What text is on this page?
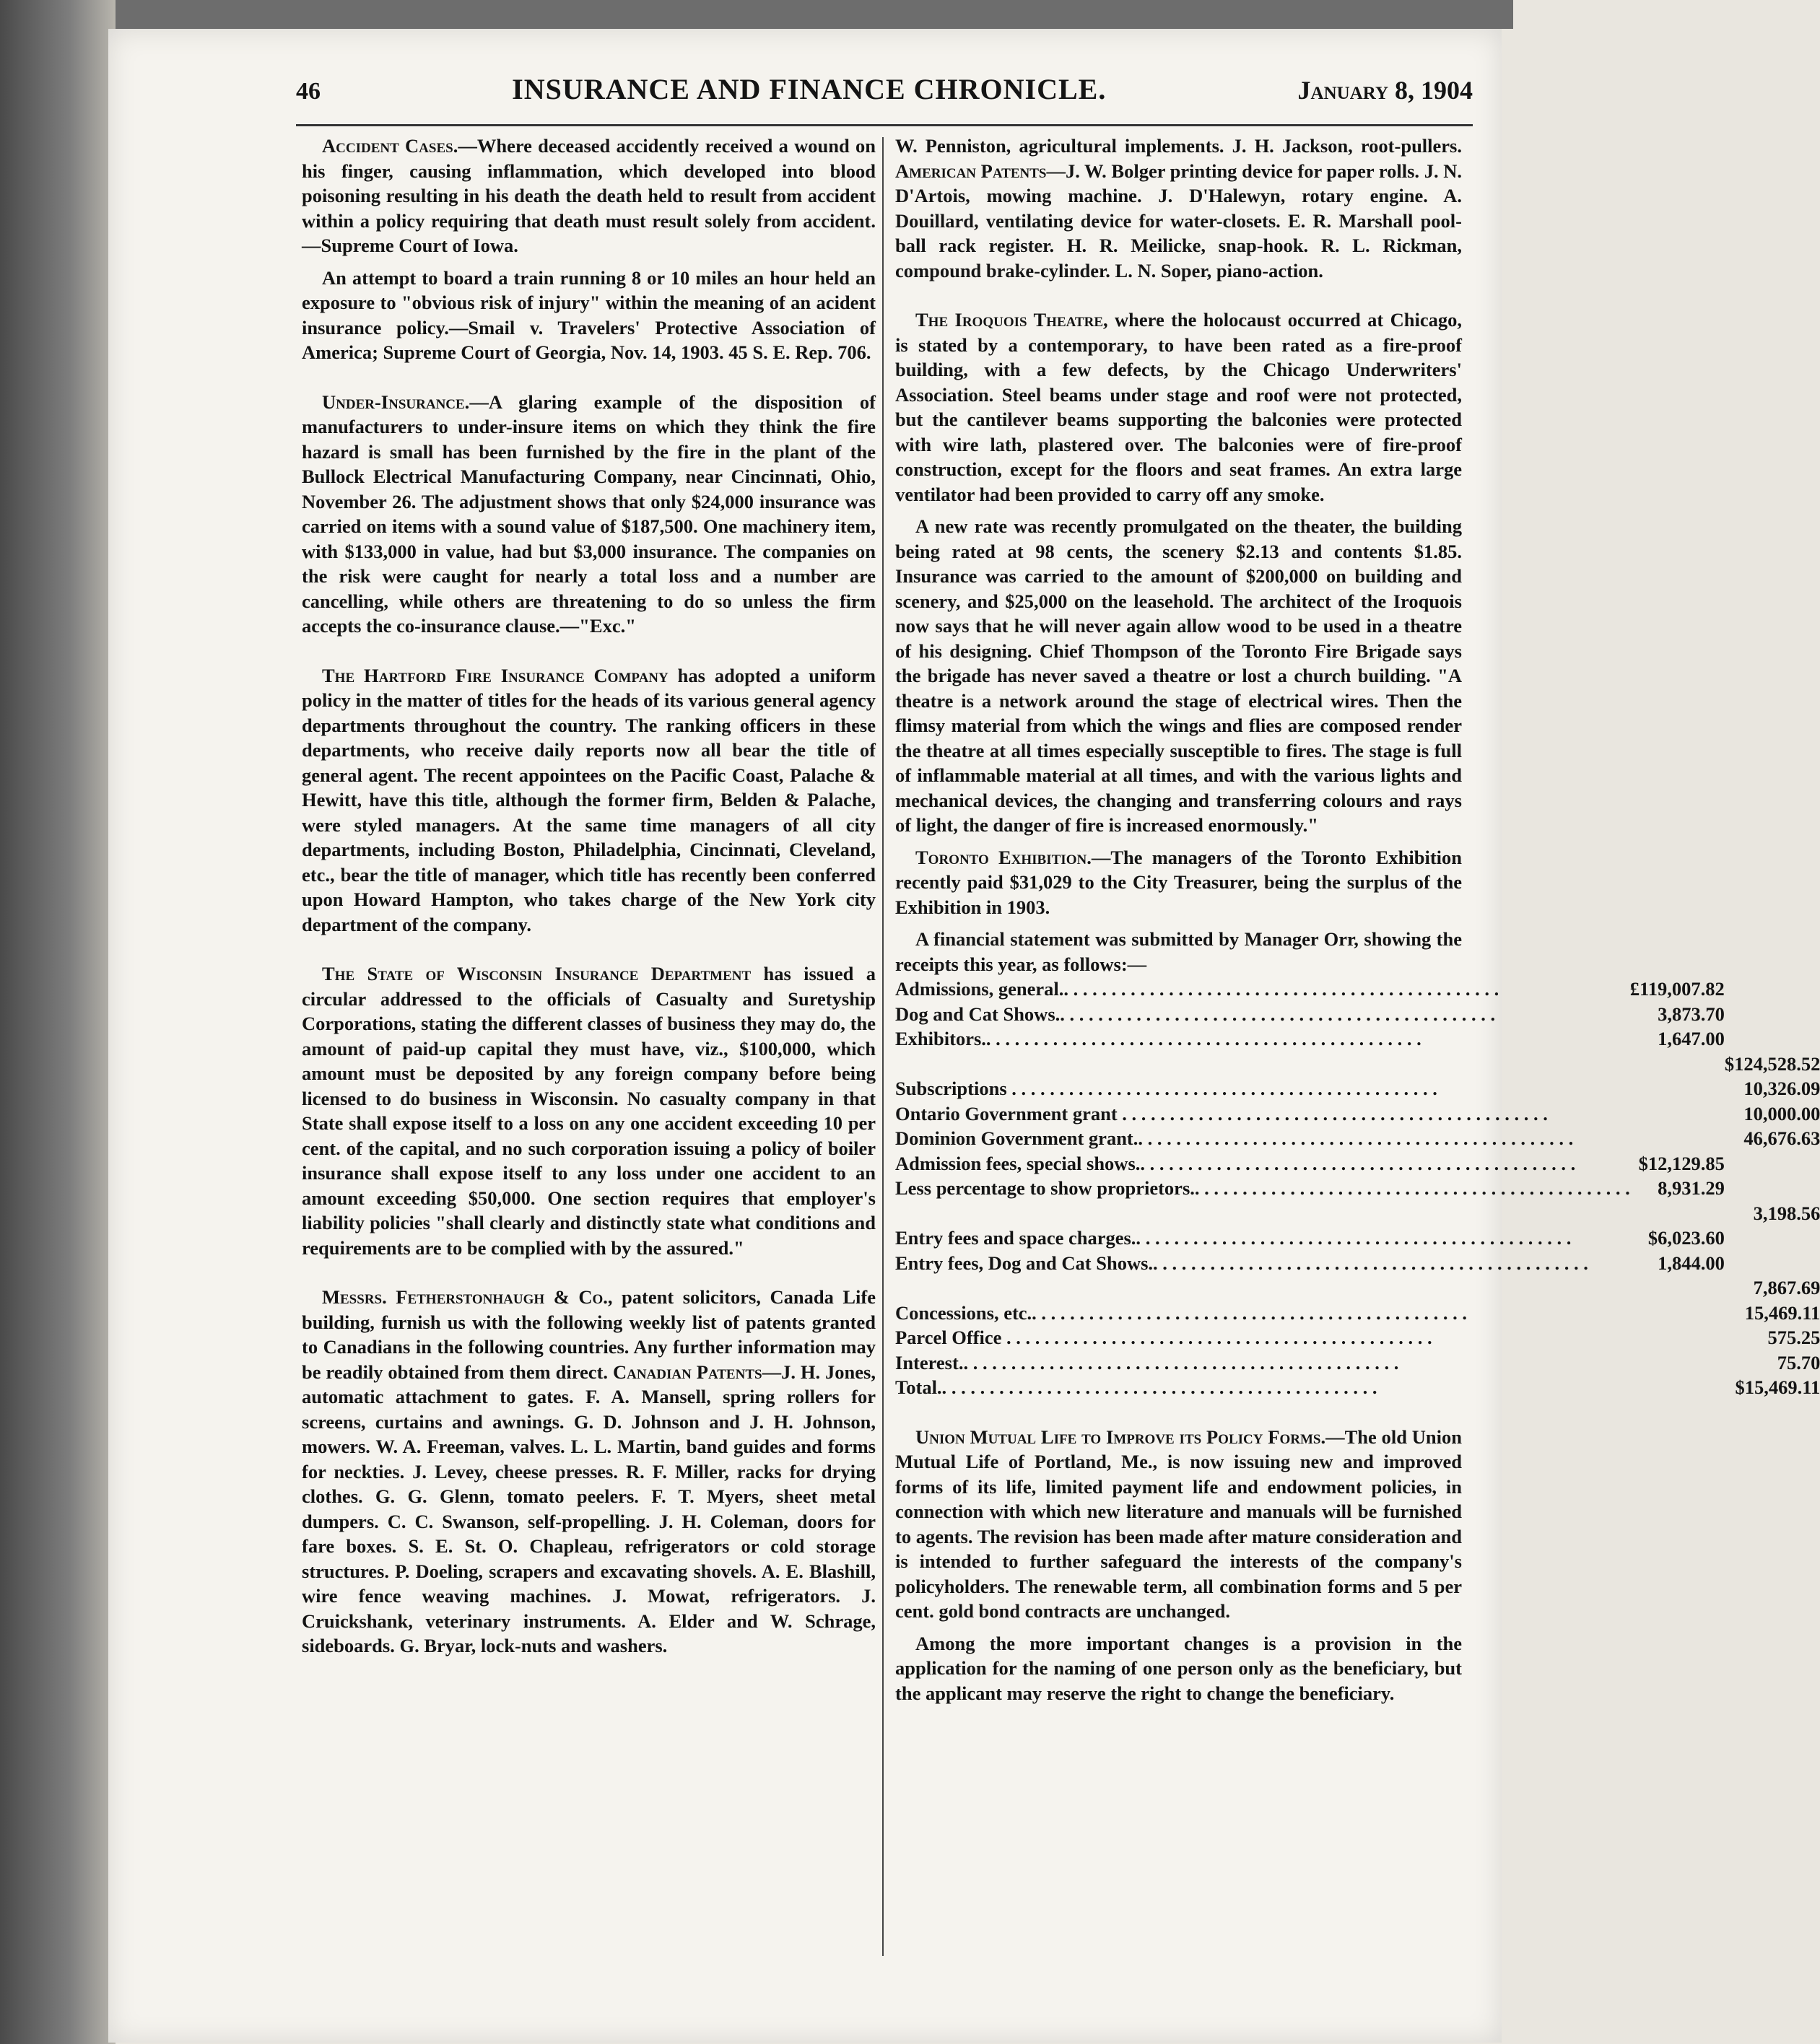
46	INSURANCE AND FINANCE CHRONICLE.	January 8, 1904

Accident Cases.—Where deceased accidently received a wound on his finger, causing inflammation, which developed into blood poisoning resulting in his death the death held to result from accident within a policy requiring that death must result solely from accident.—Supreme Court of Iowa.

An attempt to board a train running 8 or 10 miles an hour held an exposure to "obvious risk of injury" within the meaning of an acident insurance policy.—Smail v. Travelers' Protective Association of America; Supreme Court of Georgia, Nov. 14, 1903. 45 S. E. Rep. 706.

Under-Insurance.—A glaring example of the disposition of manufacturers to under-insure items on which they think the fire hazard is small has been furnished by the fire in the plant of the Bullock Electrical Manufacturing Company, near Cincinnati, Ohio, November 26. The adjustment shows that only $24,000 insurance was carried on items with a sound value of $187,500. One machinery item, with $133,000 in value, had but $3,000 insurance. The companies on the risk were caught for nearly a total loss and a number are cancelling, while others are threatening to do so unless the firm accepts the co-insurance clause.—"Exc."

The Hartford Fire Insurance Company has adopted a uniform policy in the matter of titles for the heads of its various general agency departments throughout the country. The ranking officers in these departments, who receive daily reports now all bear the title of general agent. The recent appointees on the Pacific Coast, Palache & Hewitt, have this title, although the former firm, Belden & Palache, were styled managers. At the same time managers of all city departments, including Boston, Philadelphia, Cincinnati, Cleveland, etc., bear the title of manager, which title has recently been conferred upon Howard Hampton, who takes charge of the New York city department of the company.

The State of Wisconsin Insurance Department has issued a circular addressed to the officials of Casualty and Suretyship Corporations, stating the different classes of business they may do, the amount of paid-up capital they must have, viz., $100,000, which amount must be deposited by any foreign company before being licensed to do business in Wisconsin. No casualty company in that State shall expose itself to a loss on any one accident exceeding 10 per cent. of the capital, and no such corporation issuing a policy of boiler insurance shall expose itself to any loss under one accident to an amount exceeding $50,000. One section requires that employer's liability policies "shall clearly and distinctly state what conditions and requirements are to be complied with by the assured."

Messrs. Fetherstonhaugh & Co., patent solicitors, Canada Life building, furnish us with the following weekly list of patents granted to Canadians in the following countries. Any further information may be readily obtained from them direct. Canadian Patents—J. H. Jones, automatic attachment to gates. F. A. Mansell, spring rollers for screens, curtains and awnings. G. D. Johnson and J. H. Johnson, mowers. W. A. Freeman, valves. L. L. Martin, band guides and forms for neckties. J. Levey, cheese presses. R. F. Miller, racks for drying clothes. G. G. Glenn, tomato peelers. F. T. Myers, sheet metal dumpers. C. C. Swanson, self-propelling. J. H. Coleman, doors for fare boxes. S. E. St. O. Chapleau, refrigerators or cold storage structures. P. Doeling, scrapers and excavating shovels. A. E. Blashill, wire fence weaving machines. J. Mowat, refrigerators. J. Cruickshank, veterinary instruments. A. Elder and W. Schrage, sideboards. G. Bryar, lock-nuts and washers.

W. Penniston, agricultural implements. J. H. Jackson, root-pullers. American Patents—J. W. Bolger printing device for paper rolls. J. N. D'Artois, mowing machine. J. D'Halewyn, rotary engine. A. Douillard, ventilating device for water-closets. E. R. Marshall pool-ball rack register. H. R. Meilicke, snap-hook. R. L. Rickman, compound brake-cylinder. L. N. Soper, piano-action.

The Iroquois Theatre, where the holocaust occurred at Chicago, is stated by a contemporary, to have been rated as a fire-proof building, with a few defects, by the Chicago Underwriters' Association. Steel beams under stage and roof were not protected, but the cantilever beams supporting the balconies were protected with wire lath, plastered over. The balconies were of fire-proof construction, except for the floors and seat frames. An extra large ventilator had been provided to carry off any smoke.

A new rate was recently promulgated on the theater, the building being rated at 98 cents, the scenery $2.13 and contents $1.85. Insurance was carried to the amount of $200,000 on building and scenery, and $25,000 on the leasehold. The architect of the Iroquois now says that he will never again allow wood to be used in a theatre of his designing. Chief Thompson of the Toronto Fire Brigade says the brigade has never saved a theatre or lost a church building. "A theatre is a network around the stage of electrical wires. Then the flimsy material from which the wings and flies are composed render the theatre at all times especially susceptible to fires. The stage is full of inflammable material at all times, and with the various lights and mechanical devices, the changing and transferring colours and rays of light, the danger of fire is increased enormously."

Toronto Exhibition.—The managers of the Toronto Exhibition recently paid $31,029 to the City Treasurer, being the surplus of the Exhibition in 1903.

A financial statement was submitted by Manager Orr, showing the receipts this year, as follows:—

Admissions, general.. . . .	£119,007.82	
Dog and Cat Shows.. . . .	3,873.70	
Exhibitors.. . . .	1,647.00	
		$124,528.52
Subscriptions . . .		10,326.09
Ontario Government grant . . .		10,000.00
Dominion Government grant.. . . .		46,676.63
Admission fees, special shows.. . . .	$12,129.85	
Less percentage to show proprietors.. . . .	8,931.29	
		3,198.56
Entry fees and space charges.. . . .	$6,023.60	
Entry fees, Dog and Cat Shows.. . . .	1,844.00	
		7,867.69
Concessions, etc.. . . .		15,469.11
Parcel Office . . .		575.25
Interest.. . . .		75.70
Total.. . . .		$15,469.11

Union Mutual Life to Improve its Policy Forms.—The old Union Mutual Life of Portland, Me., is now issuing new and improved forms of its life, limited payment life and endowment policies, in connection with which new literature and manuals will be furnished to agents. The revision has been made after mature consideration and is intended to further safeguard the interests of the company's policyholders. The renewable term, all combination forms and 5 per cent. gold bond contracts are unchanged.

Among the more important changes is a provision in the application for the naming of one person only as the beneficiary, but the applicant may reserve the right to change the beneficiary.
